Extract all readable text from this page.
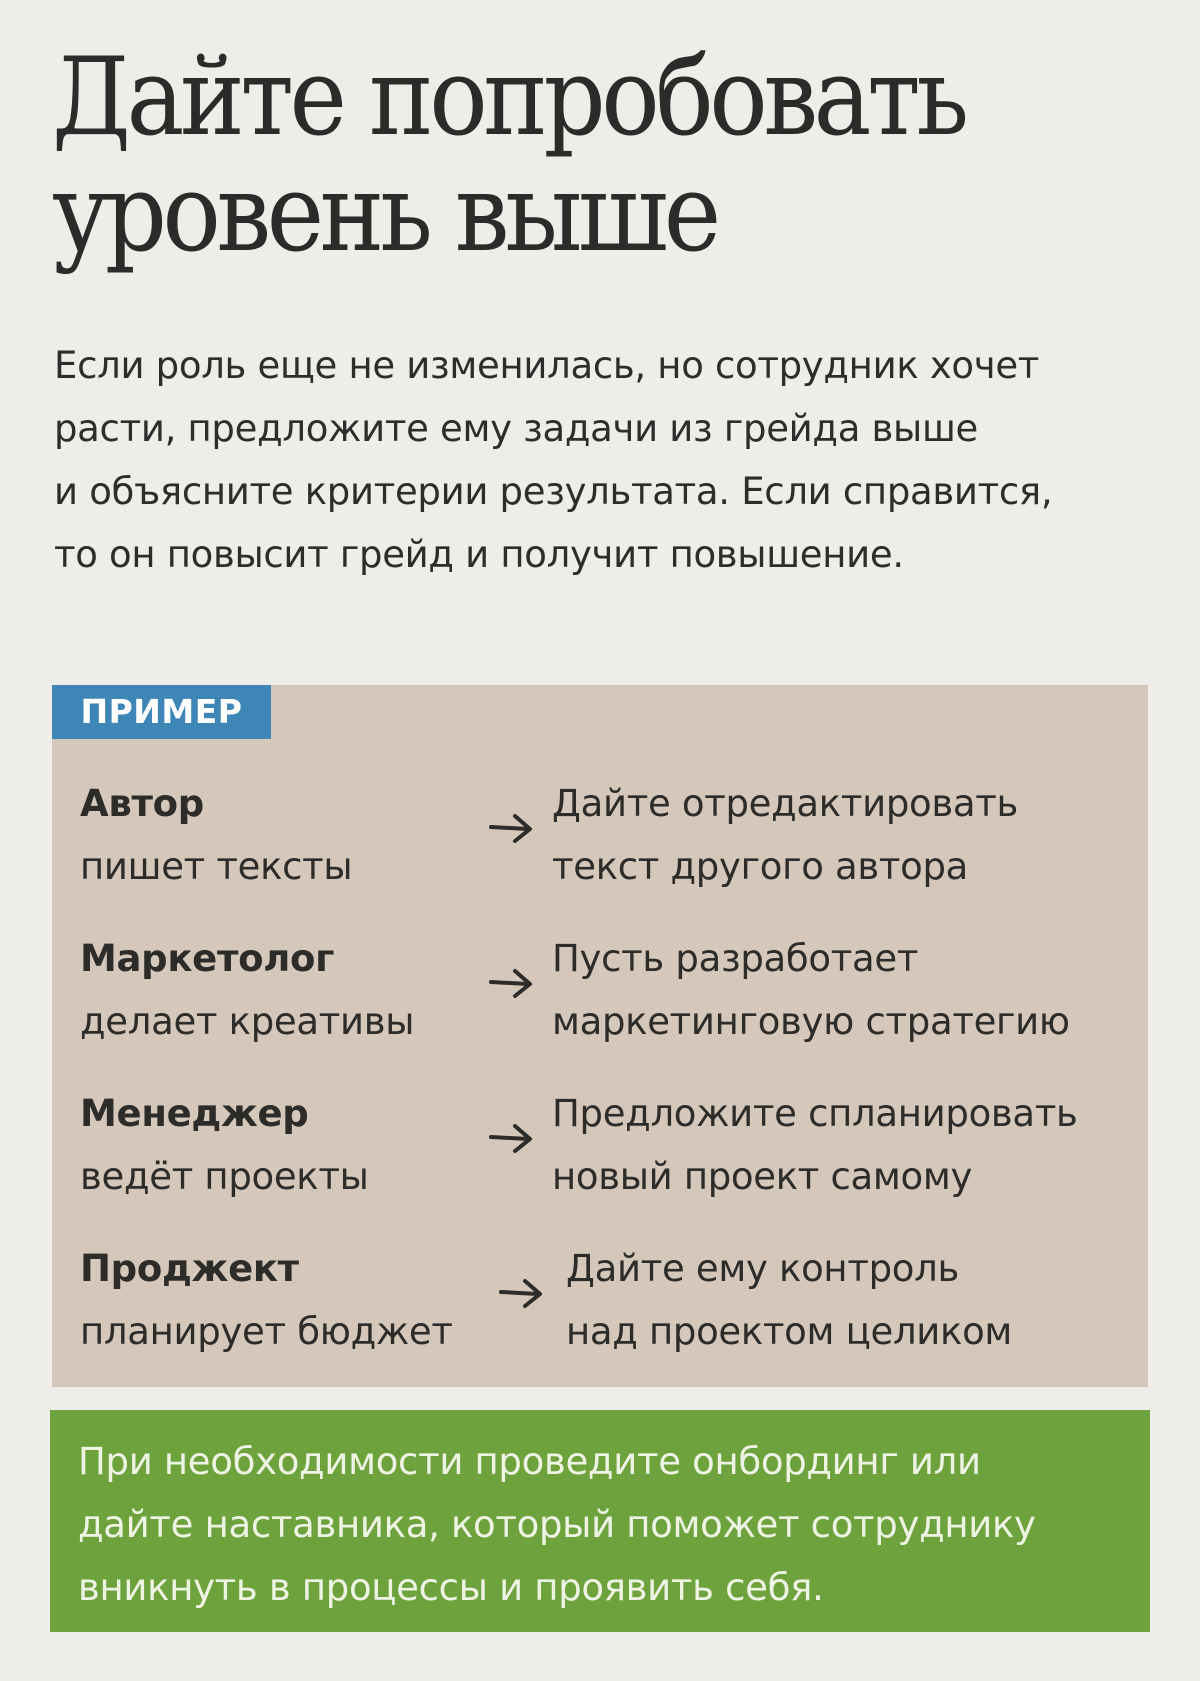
Дайте попробовать
уровень выше
Если роль еще не изменилась, но сотрудник хочет
расти, предложите ему задачи из грейда выше
и объясните критерии результата. Если справится,
то он повысит грейд и получит повышение.
Автор
пишет тексты
Дайте отредактировать
текст другого автора
Маркетолог
делает креативы
Пусть разработает
маркетинговую стратегию
Менеджер
ведёт проекты
Предложите спланировать
новый проект самому
Проджект
планирует бюджет
Дайте ему контроль
над проектом целиком
ПРИМЕР
При необходимости проведите онбординг или
дайте наставника, который поможет сотруднику
вникнуть в процессы и проявить себя.
